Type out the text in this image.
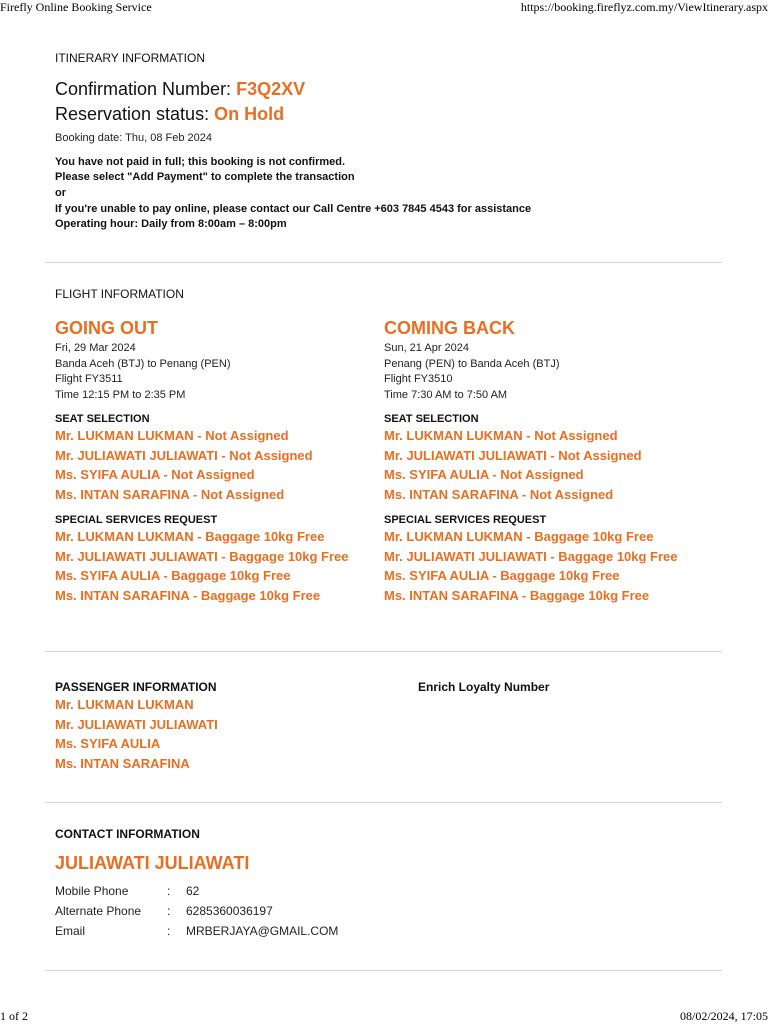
Firefly Online Booking Service	https://booking.fireflyz.com.my/ViewItinerary.aspx
1 of 2	08/02/2024, 17:05
ITINERARY INFORMATION
Confirmation Number: F3Q2XV
Reservation status: On Hold
Booking date: Thu, 08 Feb 2024
You have not paid in full; this booking is not confirmed.
Please select "Add Payment" to complete the transaction
or
If you're unable to pay online, please contact our Call Centre +603 7845 4543 for assistance
Operating hour: Daily from 8:00am – 8:00pm
FLIGHT INFORMATION
GOING OUT
Fri, 29 Mar 2024
Banda Aceh (BTJ) to Penang (PEN)
Flight FY3511
Time 12:15 PM to 2:35 PM
SEAT SELECTION
Mr. LUKMAN LUKMAN - Not Assigned
Mr. JULIAWATI JULIAWATI - Not Assigned
Ms. SYIFA AULIA - Not Assigned
Ms. INTAN SARAFINA - Not Assigned
SPECIAL SERVICES REQUEST
Mr. LUKMAN LUKMAN - Baggage 10kg Free
Mr. JULIAWATI JULIAWATI - Baggage 10kg Free
Ms. SYIFA AULIA - Baggage 10kg Free
Ms. INTAN SARAFINA - Baggage 10kg Free
COMING BACK
Sun, 21 Apr 2024
Penang (PEN) to Banda Aceh (BTJ)
Flight FY3510
Time 7:30 AM to 7:50 AM
SEAT SELECTION
Mr. LUKMAN LUKMAN - Not Assigned
Mr. JULIAWATI JULIAWATI - Not Assigned
Ms. SYIFA AULIA - Not Assigned
Ms. INTAN SARAFINA - Not Assigned
SPECIAL SERVICES REQUEST
Mr. LUKMAN LUKMAN - Baggage 10kg Free
Mr. JULIAWATI JULIAWATI - Baggage 10kg Free
Ms. SYIFA AULIA - Baggage 10kg Free
Ms. INTAN SARAFINA - Baggage 10kg Free
PASSENGER INFORMATION
Mr. LUKMAN LUKMAN
Mr. JULIAWATI JULIAWATI
Ms. SYIFA AULIA
Ms. INTAN SARAFINA
Enrich Loyalty Number
CONTACT INFORMATION
JULIAWATI JULIAWATI
Mobile Phone	: 62
Alternate Phone : 6285360036197
Email	: MRBERJAYA@GMAIL.COM
